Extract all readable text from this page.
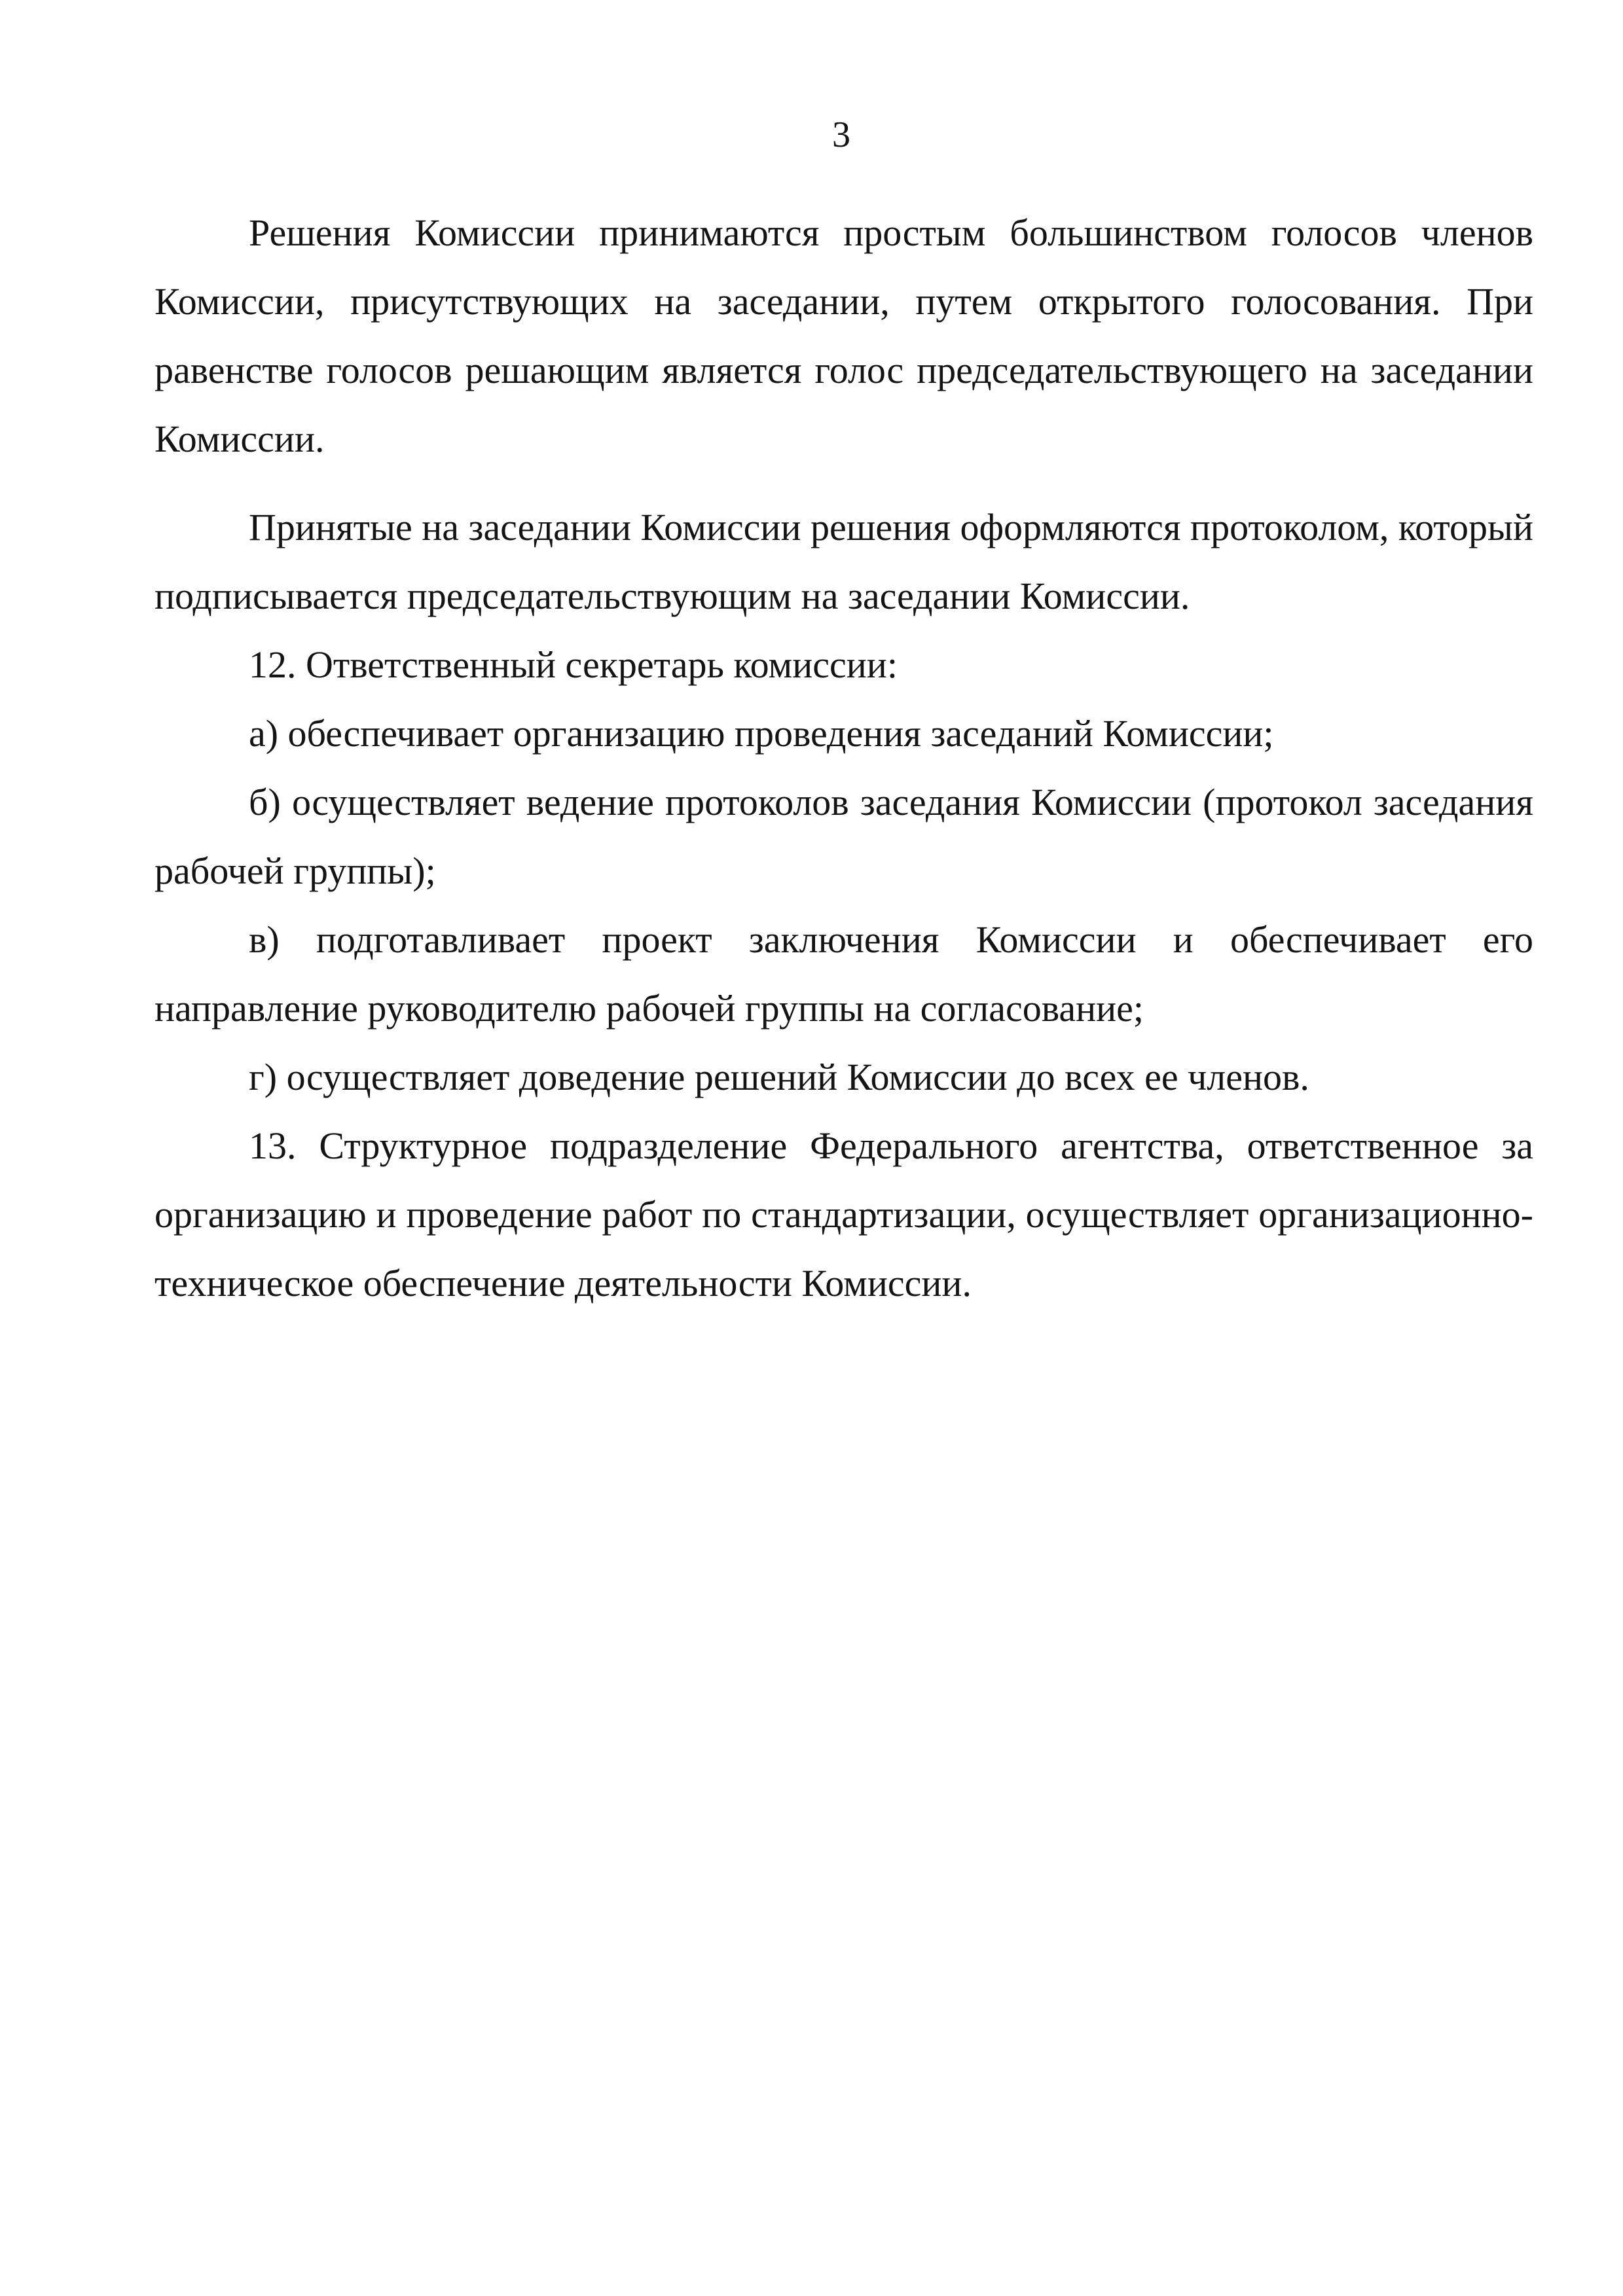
3

Решения Комиссии принимаются простым большинством голосов членов Комиссии, присутствующих на заседании, путем открытого голосования. При равенстве голосов решающим является голос председательствующего на заседании Комиссии.

Принятые на заседании Комиссии решения оформляются протоколом, который подписывается председательствующим на заседании Комиссии.

12. Ответственный секретарь комиссии:

а) обеспечивает организацию проведения заседаний Комиссии;

б) осуществляет ведение протоколов заседания Комиссии (протокол заседания рабочей группы);

в) подготавливает проект заключения Комиссии и обеспечивает его направление руководителю рабочей группы на согласование;

г) осуществляет доведение решений Комиссии до всех ее членов.

13. Структурное подразделение Федерального агентства, ответственное за организацию и проведение работ по стандартизации, осуществляет организационно-техническое обеспечение деятельности Комиссии.
